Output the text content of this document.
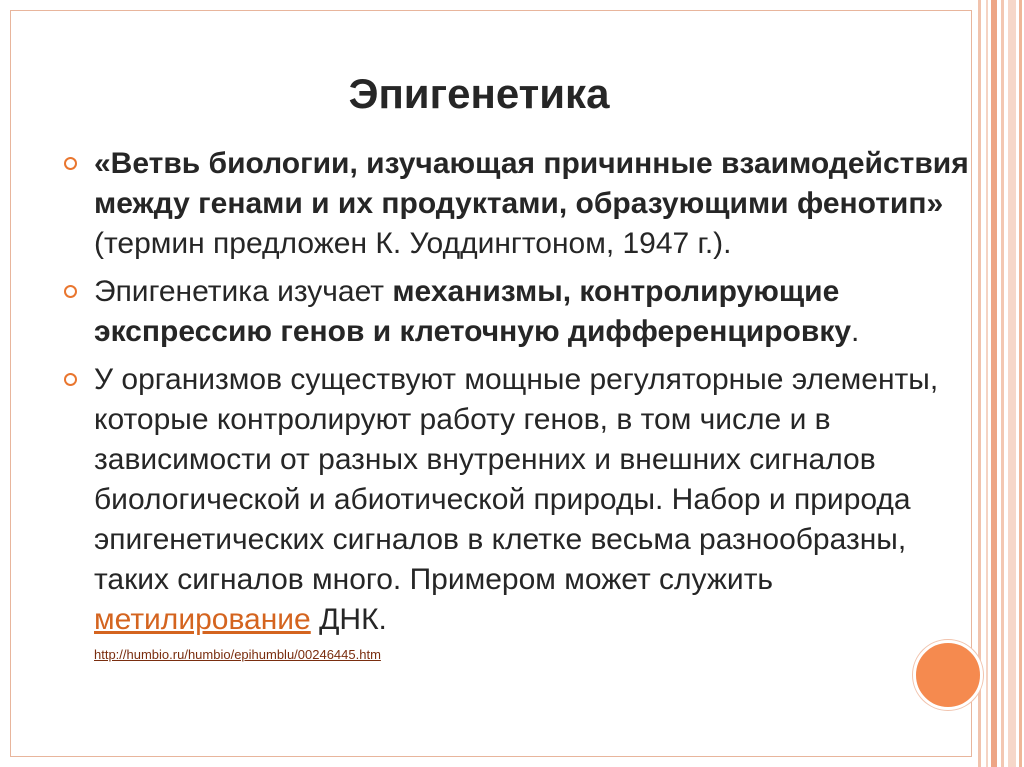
Эпигенетика
«Ветвь биологии, изучающая причинные взаимодействия между генами и их продуктами, образующими фенотип» (термин предложен К. Уоддингтоном, 1947 г.).
Эпигенетика изучает механизмы, контролирующие экспрессию генов и клеточную дифференцировку.
У организмов существуют мощные регуляторные элементы, которые контролируют работу генов, в том числе и в зависимости от разных внутренних и внешних сигналов биологической и абиотической природы. Набор и природа эпигенетических сигналов в клетке весьма разнообразны, таких сигналов много. Примером может служить метилирование ДНК.
http://humbio.ru/humbio/epihumblu/00246445.htm
